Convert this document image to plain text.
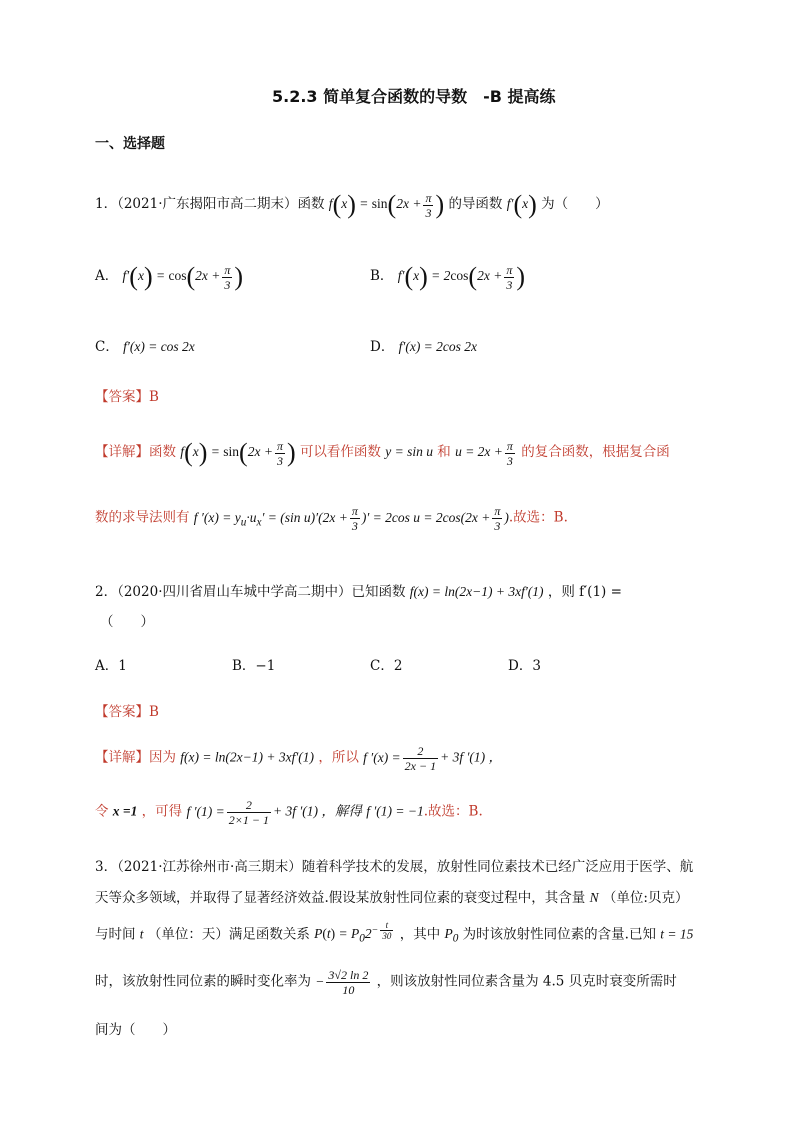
5.2.3 简单复合函数的导数　-B 提高练
一、选择题
1．（2021·广东揭阳市高二期末）函数 $f(x) = \sin(2x + \frac{\pi}{3}$ ) 的导函数 f′(x) 为（　　）
A． $f'(x) = \cos(2x + \frac{\pi}{3}$ )	B． $f'(x) = 2\cos(2x + \frac{\pi}{3}$ )
C． f′(x) = cos 2x	D． f′(x) = 2cos 2x
【答案】B
【详解】函数 $f(x) = \sin(2x + \frac{\pi}{3}$ ) 可以看作函数 y = sin u 和 $u = 2x + \frac{\pi}{3}$ 的复合函数，根据复合函
数的求导法则有 f $'(x) = y_u\cdot u_x' = (\sin$ $u)'(2x + \frac{\pi}{3}$ )′ = 2cos $u = 2\cos(2x + \frac{\pi}{3}$ ).故选：B.
2．（2020·四川省眉山车城中学高二期中）已知函数 f(x) = ln(2x−1) + 3xf′(1) ，则 f′(1) =
（　　）
A．1	B．−1	C．2	D．3
【答案】B
【详解】因为 f(x) = ln(2x−1) + 3xf′(1) ，所以 f $'(x) = \frac{2}{2x - 1} + 3f$ ′(1) ，
令 x =1 ，可得 f $'(1) = \frac{2}{2\times 1 - 1} + 3f$ ′(1) ，解得 f ′(1) = −1.故选：B.
3．（2021·江苏徐州市·高三期末）随着科学技术的发展，放射性同位素技术已经广泛应用于医学、航
天等众多领域，并取得了显著经济效益.假设某放射性同位素的衰变过程中，其含量 N （单位:贝克）
与时间 t （单位：天）满足函数关系 $P(t) = P_02^{- \frac{t}{30}}$ ，其中 $P_0$ 为时该放射性同位素的含量.已知 t = 15
时，该放射性同位素的瞬时变化率为 − $\frac{3√2 \ln 2}{10}$ ，则该放射性同位素含量为 4.5 贝克时衰变所需时
间为（　　）
